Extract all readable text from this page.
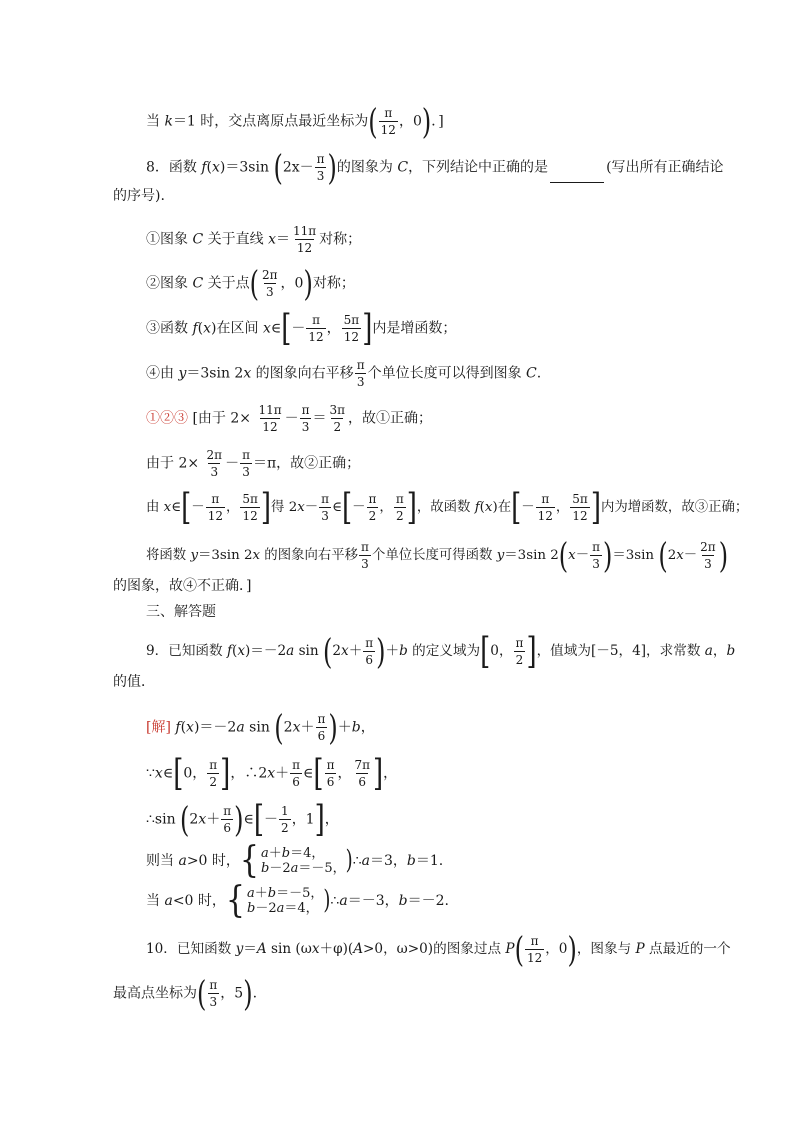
当 k＝1 时，交点离原点最近坐标为( $\frac{\pi}{12}$ ，0)．]
8．函数 f(x)＝3sin ($2x- \frac{\pi}{3}$ )的图象为 C，下列结论中正确的是	(写出所有正确结论
的序号).
①图象 C 关于直线 $x= \frac{11\pi}{12}$ 对称；
②图象 C 关于点( $\frac{2\pi}{3}$ ，0)对称；
③函数 f(x)在区间 x∈[－ $\frac{\pi}{12}$ ， $\frac{5\pi}{12}$ ]内是增函数；
④由 y＝3sin 2x 的图象向右平移 $\frac{\pi}{3}$ 个单位长度可以得到图象 C.
①②③ [由于 $2\times \frac{11\pi}{12} - \frac{\pi}{3} = \frac{3\pi}{2}$ ，故①正确；
由于 $2\times \frac{2\pi}{3} - \frac{\pi}{3} =\pi$，故②正确；
由 x∈[－ $\frac{\pi}{12}$ ， $\frac{5\pi}{12}$ ]得 $2x- \frac{\pi}{3}$ ∈[－ $\frac{\pi}{2}$ ， $\frac{\pi}{2}$ ]，故函数 f(x)在[－ $\frac{\pi}{12}$ ， $\frac{5\pi}{12}$ ]内为增函数，故③正确；
将函数 y＝3sin 2x 的图象向右平移 $\frac{\pi}{3}$ 个单位长度可得函数 y＝3sin $2(x- \frac{\pi}{3} )=3\sin$ ($2x- \frac{2\pi}{3}$ )
的图象，故④不正确．]
三、解答题
9．已知函数 f(x)＝－2a $\sin (2x+ \frac{\pi}{6} )+b$ 的定义域为[0， $\frac{\pi}{2}$ ]，值域为[－5，4]，求常数 a，b
的值．
[解] f(x)＝－2a $\sin (2x+ \frac{\pi}{6} )+b$，
∵x∈[0， $\frac{\pi}{2}$ ]，∴2x＋ $\frac{\pi}{6}$ ∈[ $\frac{\pi}{6}$ ， $\frac{7\pi}{6}$ ]，
∴sin ($2x+ \frac{\pi}{6}$ )∈[－ $\frac{1}{2}$ ，1]，
则当 a>0 时， { a＋b＝4，
b－2a＝－5， )∴a＝3，b＝1.
当 a<0 时， { a＋b＝－5，
b－2a＝4， )∴a＝－3，b＝－2.
10．已知函数 y＝A sin (ωx＋φ)(A>0，ω>0)的图象过点 $P( \frac{\pi}{12}$ ，0)，图象与 P 点最近的一个
最高点坐标为( $\frac{\pi}{3}$ ，5).
